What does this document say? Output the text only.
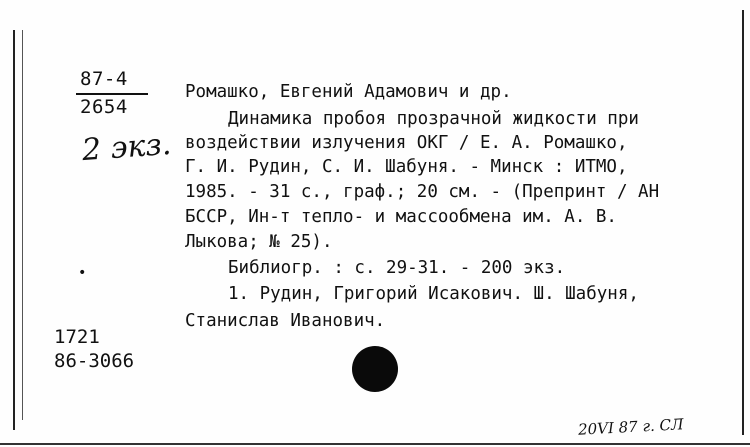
87-4
2654
2 экз.
•
Ромашко, Евгений Адамович и др.
Динамика пробоя прозрачной жидкости при
воздействии излучения ОКГ / Е. А. Ромашко,
Г. И. Рудин, С. И. Шабуня. - Минск : ИТМО,
1985. - 31 с., граф.; 20 см. - (Препринт / АН
БССР, Ин-т тепло- и массообмена им. А. В.
Лыкова; № 25).
Библиогр. : с. 29-31. - 200 экз.
1. Рудин, Григорий Исакович. Ш. Шабуня,
Станислав Иванович.
1721
86-3066
20VI 87 г. СЛ
